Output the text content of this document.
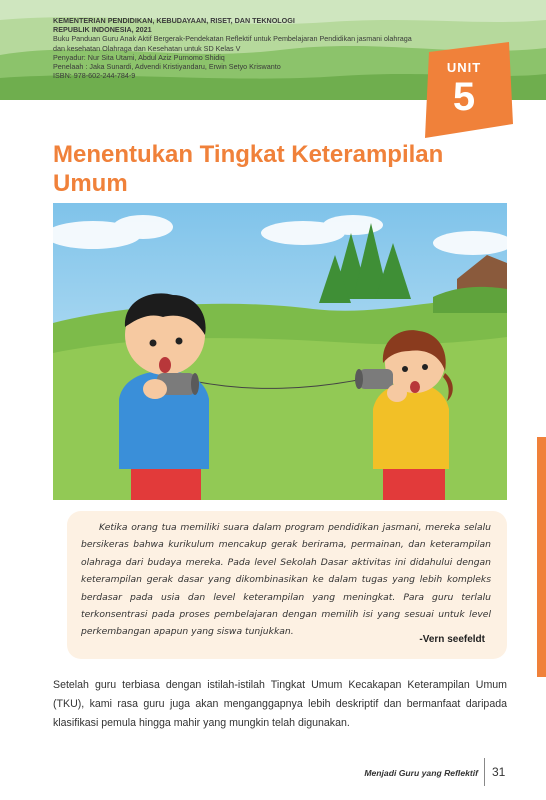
KEMENTERIAN PENDIDIKAN, KEBUDAYAAN, RISET, DAN TEKNOLOGI
REPUBLIK INDONESIA, 2021
Buku Panduan Guru Anak Aktif Bergerak-Pendekatan Reflektif untuk Pembelajaran Pendidikan jasmani olahraga dan kesehatan Olahraga dan Kesehatan untuk SD Kelas V
Penyadur: Nur Sita Utami, Abdul Aziz Purnomo Shidiq
Penelaah : Jaka Sunardi, Advendi Kristiyandaru, Erwin Setyo Kriswanto
ISBN: 978-602-244-784-9
UNIT
5
Menentukan Tingkat Keterampilan Umum

Ketika orang tua memiliki suara dalam program pendidikan jasmani, mereka selalu bersikeras bahwa kurikulum mencakup gerak berirama, permainan, dan keterampilan olahraga dari budaya mereka. Pada level Sekolah Dasar aktivitas ini didahului dengan keterampilan gerak dasar yang dikombinasikan ke dalam tugas yang lebih kompleks berdasar pada usia dan level keterampilan yang meningkat. Para guru terlalu terkonsentrasi pada proses pembelajaran dengan memilih isi yang sesuai untuk level perkembangan apapun yang siswa tunjukkan.

-Vern seefeldt

Setelah guru terbiasa dengan istilah-istilah Tingkat Umum Kecakapan Keterampilan Umum (TKU), kami rasa guru juga akan menganggapnya lebih deskriptif dan bermanfaat daripada klasifikasi pemula hingga mahir yang mungkin telah digunakan.

Menjadi Guru yang Reflektif 31
